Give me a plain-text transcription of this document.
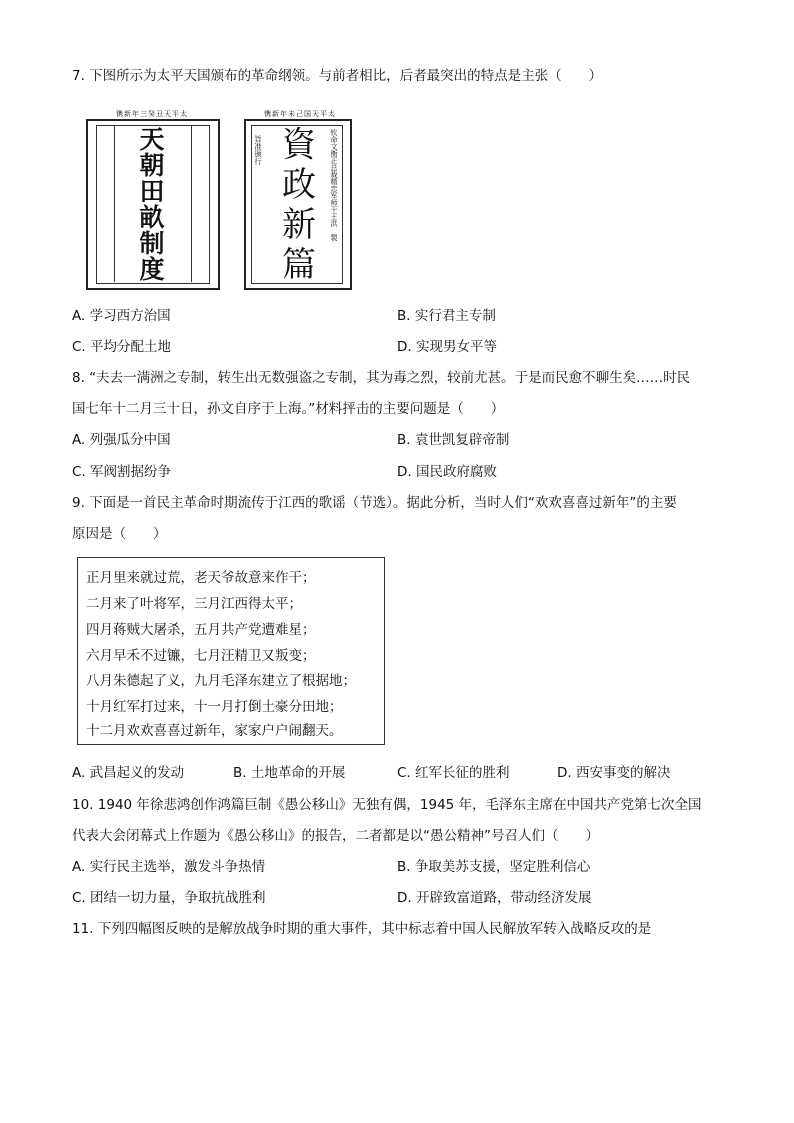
7. 下图所示为太平天国颁布的革命纲领。与前者相比，后者最突出的特点是主张（　　）
镌新年三癸丑天平太
天
朝
田
畝
制
度
镌新年未己国天平太
旨准颁行	钦命文衡正总裁精忠军师干王洪　製
資
政
新
篇
A. 学习西方治国	B. 实行君主专制
C. 平均分配土地	D. 实现男女平等
8. “夫去一满洲之专制，转生出无数强盗之专制，其为毒之烈，较前尤甚。于是而民愈不聊生矣……时民
国七年十二月三十日，孙文自序于上海。”材料抨击的主要问题是（　　）
A. 列强瓜分中国	B. 袁世凯复辟帝制
C. 军阀割据纷争	D. 国民政府腐败
9. 下面是一首民主革命时期流传于江西的歌谣（节选）。据此分析，当时人们“欢欢喜喜过新年”的主要
原因是（　　）
正月里来就过荒，老天爷故意来作干；
二月来了叶将军，三月江西得太平；
四月蒋贼大屠杀，五月共产党遭难星；
六月早禾不过镰，七月汪精卫又叛变；
八月朱德起了义，九月毛泽东建立了根据地；
十月红军打过来，十一月打倒土豪分田地；
十二月欢欢喜喜过新年，家家户户闹翻天。
A. 武昌起义的发动	B. 土地革命的开展	C. 红军长征的胜利	D. 西安事变的解决
10. 1940 年徐悲鸿创作鸿篇巨制《愚公移山》无独有偶，1945 年，毛泽东主席在中国共产党第七次全国
代表大会闭幕式上作题为《愚公移山》的报告，二者都是以“愚公精神”号召人们（　　）
A. 实行民主选举，激发斗争热情	B. 争取美苏支援，坚定胜利信心
C. 团结一切力量，争取抗战胜利	D. 开辟致富道路，带动经济发展
11. 下列四幅图反映的是解放战争时期的重大事件，其中标志着中国人民解放军转入战略反攻的是
